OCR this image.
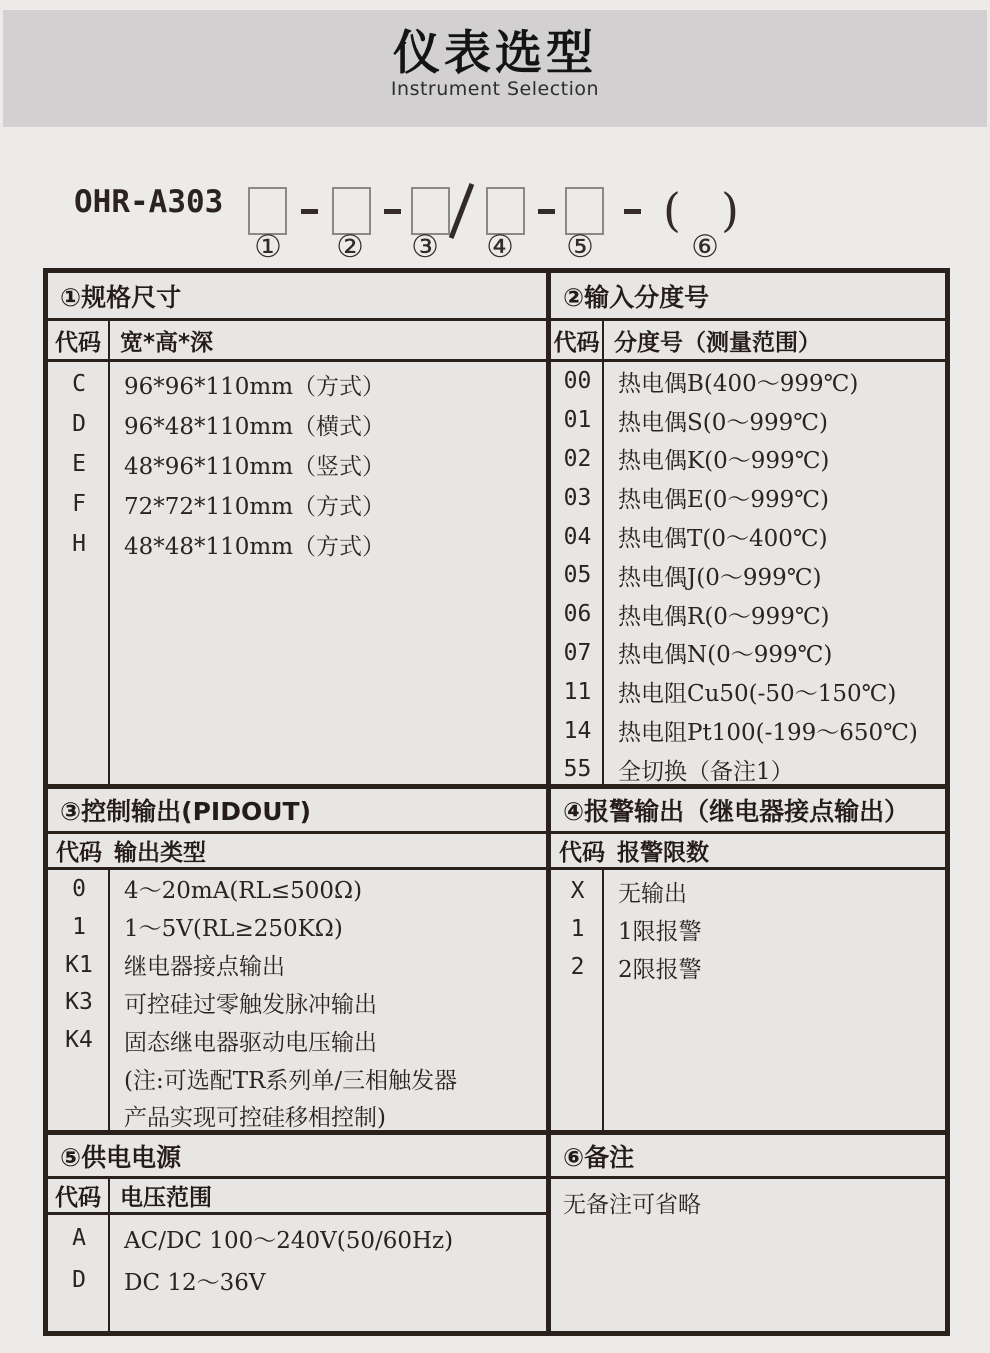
仪表选型
Instrument Selection
OHR-A303	( )
① ② ③ ④ ⑤	⑥
①规格尺寸	②输入分度号
代码 宽*高*深	代码 分度号（测量范围）
C	96*96*110mm（方式）
D	96*48*110mm（横式）
E	48*96*110mm（竖式）
F	72*72*110mm（方式）
H	48*48*110mm（方式）
00	热电偶B(400～999℃)
01	热电偶S(0～999℃)
02	热电偶K(0～999℃)
03	热电偶E(0～999℃)
04	热电偶T(0～400℃)
05	热电偶J(0～999℃)
06	热电偶R(0～999℃)
07	热电偶N(0～999℃)
11	热电阻Cu50(-50～150℃)
14	热电阻Pt100(-199～650℃)
55	全切换（备注1）
③控制输出(PIDOUT)	④报警输出（继电器接点输出）
代码 输出类型	代码 报警限数
0	4～20mA(RL≤500Ω)
1	1～5V(RL≥250KΩ)
K1	继电器接点输出
K3	可控硅过零触发脉冲输出
K4	固态继电器驱动电压输出
(注:可选配TR系列单/三相触发器
产品实现可控硅移相控制)
X	无输出
1	1限报警
2	2限报警
⑤供电电源	⑥备注
代码 电压范围
A	AC/DC 100～240V(50/60Hz)
D	DC 12～36V
无备注可省略
